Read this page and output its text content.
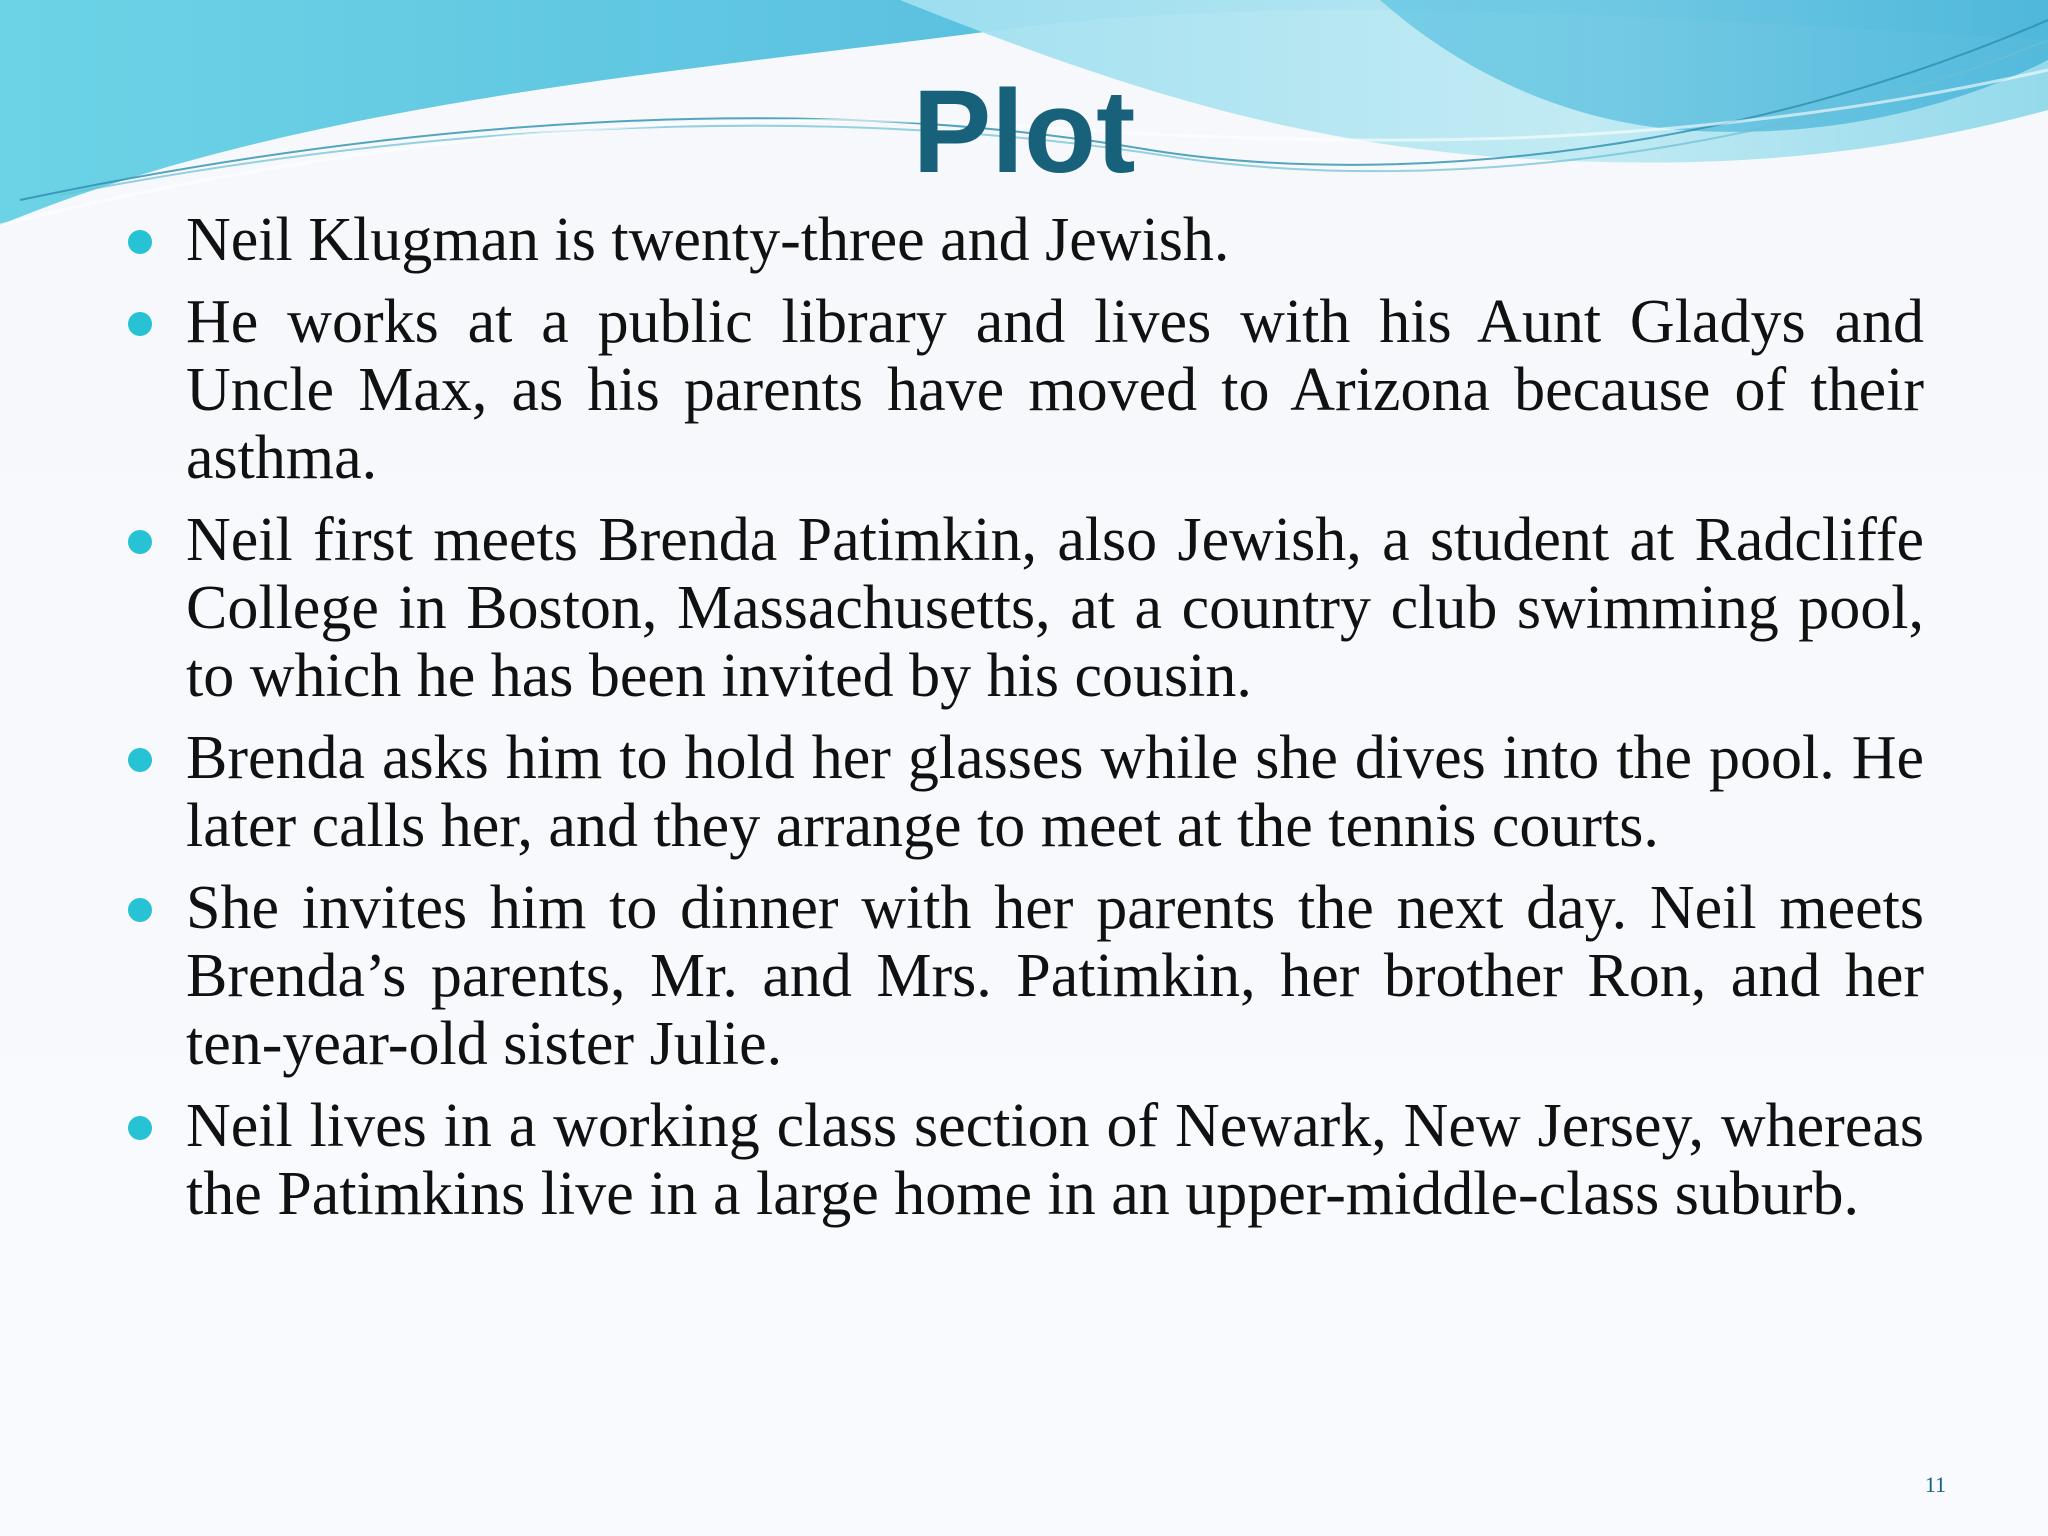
Plot
Neil Klugman is twenty-three and Jewish.
He works at a public library and lives with his Aunt Gladys and Uncle Max, as his parents have moved to Arizona because of their asthma.
Neil first meets Brenda Patimkin, also Jewish, a student at Radcliffe College in Boston, Massachusetts, at a country club swimming pool, to which he has been invited by his cousin.
Brenda asks him to hold her glasses while she dives into the pool. He later calls her, and they arrange to meet at the tennis courts.
She invites him to dinner with her parents the next day. Neil meets Brenda’s parents, Mr. and Mrs. Patimkin, her brother Ron, and her ten-year-old sister Julie.
Neil lives in a working class section of Newark, New Jersey, whereas the Patimkins live in a large home in an upper-middle-class suburb.
11
